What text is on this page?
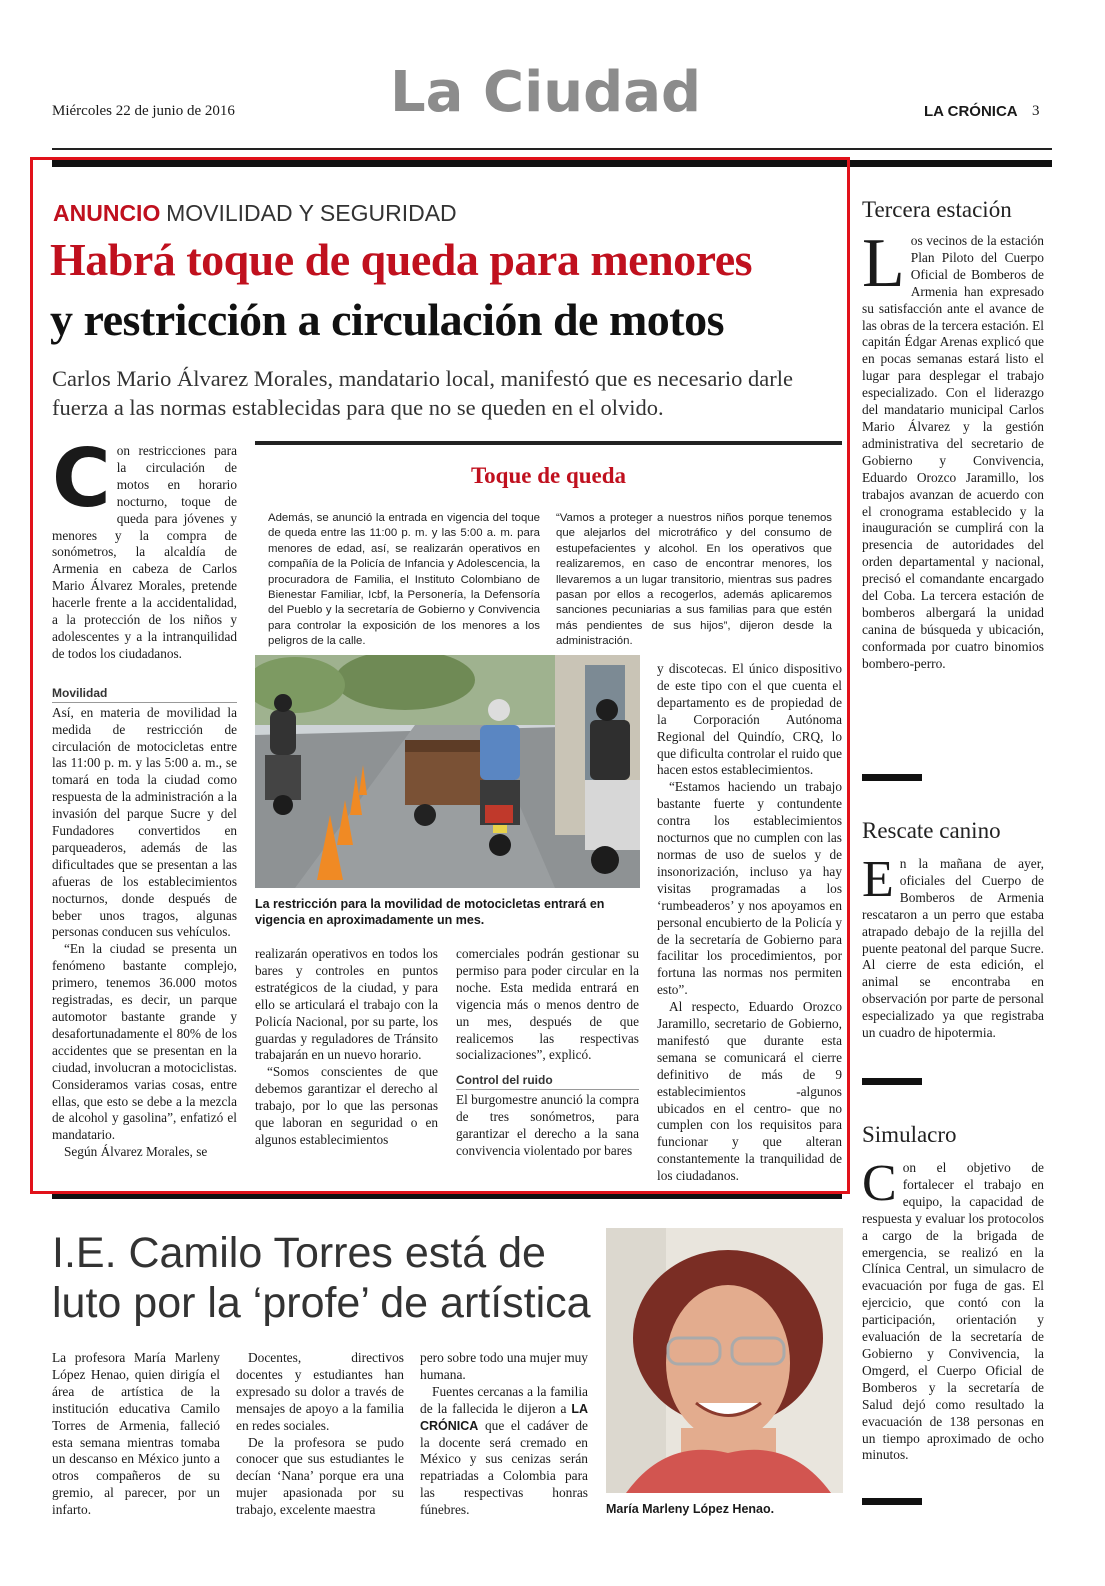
Miércoles 22 de junio de 2016	La Ciudad	LA CRÓNICA 3
ANUNCIO MOVILIDAD Y SEGURIDAD
Habrá toque de queda para menores
y restricción a circulación de motos
Carlos Mario Álvarez Morales, mandatario local, manifestó que es necesario darle fuerza a las normas establecidas para que no se queden en el olvido.

Con restricciones para la circulación de motos en horario nocturno, toque de queda para jóvenes y menores y la compra de sonómetros, la alcaldía de Armenia en cabeza de Carlos Mario Álvarez Morales, pretende hacerle frente a la accidentalidad, a la protección de los niños y adolescentes y a la intranquilidad de todos los ciudadanos.

Movilidad

Así, en materia de movilidad la medida de restricción de circulación de motocicletas entre las 11:00 p. m. y las 5:00 a. m., se tomará en toda la ciudad como respuesta de la administración a la invasión del parque Sucre y del Fundadores convertidos en parqueaderos, además de las dificultades que se presentan a las afueras de los establecimientos nocturnos, donde después de beber unos tragos, algunas personas conducen sus vehículos.

“En la ciudad se presenta un fenómeno bastante complejo, primero, tenemos 36.000 motos registradas, es decir, un parque automotor bastante grande y desafortunadamente el 80% de los accidentes que se presentan en la ciudad, involucran a motociclistas. Consideramos varias cosas, entre ellas, que esto se debe a la mezcla de alcohol y gasolina”, enfatizó el mandatario.

Según Álvarez Morales, se

Toque de queda
Además, se anunció la entrada en vigencia del toque de queda entre las 11:00 p. m. y las 5:00 a. m. para menores de edad, así, se realizarán operativos en compañía de la Policía de Infancia y Adolescencia, la procuradora de Familia, el Instituto Colombiano de Bienestar Familiar, Icbf, la Personería, la Defensoría del Pueblo y la secretaría de Gobierno y Convivencia para controlar la exposición de los menores a los peligros de la calle.
“Vamos a proteger a nuestros niños porque tenemos que alejarlos del microtráfico y del consumo de estupefacientes y alcohol. En los operativos que realizaremos, en caso de encontrar menores, los llevaremos a un lugar transitorio, mientras sus padres pasan por ellos a recogerlos, además aplicaremos sanciones pecuniarias a sus familias para que estén más pendientes de sus hijos”, dijeron desde la administración.
La restricción para la movilidad de motocicletas entrará en vigencia en aproximadamente un mes.

realizarán operativos en todos los bares y controles en puntos estratégicos de la ciudad, y para ello se articulará el trabajo con la Policía Nacional, por su parte, los guardas y reguladores de Tránsito trabajarán en un nuevo horario.

“Somos conscientes de que debemos garantizar el derecho al trabajo, por lo que las personas que laboran en seguridad o en algunos establecimientos

comerciales podrán gestionar su permiso para poder circular en la noche. Esta medida entrará en vigencia más o menos dentro de un mes, después de que realicemos las respectivas socializaciones”, explicó.

Control del ruido

El burgomestre anunció la compra de tres sonómetros, para garantizar el derecho a la sana convivencia violentado por bares

y discotecas. El único dispositivo de este tipo con el que cuenta el departamento es de propiedad de la Corporación Autónoma Regional del Quindío, CRQ, lo que dificulta controlar el ruido que hacen estos establecimientos.

“Estamos haciendo un trabajo bastante fuerte y contundente contra los establecimientos nocturnos que no cumplen con las normas de uso de suelos y de insonorización, incluso ya hay visitas programadas a los ‘rumbeaderos’ y nos apoyamos en personal encubierto de la Policía y de la secretaría de Gobierno para facilitar los procedimientos, por fortuna las normas nos permiten esto”.

Al respecto, Eduardo Orozco Jaramillo, secretario de Gobierno, manifestó que durante esta semana se comunicará el cierre definitivo de más de 9 establecimientos -algunos ubicados en el centro- que no cumplen con los requisitos para funcionar y que alteran constantemente la tranquilidad de los ciudadanos.

Tercera estación
Los vecinos de la estación Plan Piloto del Cuerpo Oficial de Bomberos de Armenia han expresado su satisfacción ante el avance de las obras de la tercera estación. El capitán Édgar Arenas explicó que en pocas semanas estará listo el lugar para desplegar el trabajo especializado. Con el liderazgo del mandatario municipal Carlos Mario Álvarez y la gestión administrativa del secretario de Gobierno y Convivencia, Eduardo Orozco Jaramillo, los trabajos avanzan de acuerdo con el cronograma establecido y la inauguración se cumplirá con la presencia de autoridades del orden departamental y nacional, precisó el comandante encargado del Coba. La tercera estación de bomberos albergará la unidad canina de búsqueda y ubicación, conformada por cuatro binomios bombero-perro.
Rescate canino
En la mañana de ayer, oficiales del Cuerpo de Bomberos de Armenia rescataron a un perro que estaba atrapado debajo de la rejilla del puente peatonal del parque Sucre. Al cierre de esta edición, el animal se encontraba en observación por parte de personal especializado ya que registraba un cuadro de hipotermia.
Simulacro
Con el objetivo de fortalecer el trabajo en equipo, la capacidad de respuesta y evaluar los protocolos a cargo de la brigada de emergencia, se realizó en la Clínica Central, un simulacro de evacuación por fuga de gas. El ejercicio, que contó con la participación, orientación y evaluación de la secretaría de Gobierno y Convivencia, la Omgerd, el Cuerpo Oficial de Bomberos y la secretaría de Salud dejó como resultado la evacuación de 138 personas en un tiempo aproximado de ocho minutos.
I.E. Camilo Torres está de luto por la ‘profe’ de artística
La profesora María Marleny López Henao, quien dirigía el área de artística de la institución educativa Camilo Torres de Armenia, falleció esta semana mientras tomaba un descanso en México junto a otros compañeros de su gremio, al parecer, por un infarto.
Docentes, directivos docentes y estudiantes han expresado su dolor a través de mensajes de apoyo a la familia en redes sociales.
De la profesora se pudo conocer que sus estudiantes le decían ‘Nana’ porque era una mujer apasionada por su trabajo, excelente maestra
pero sobre todo una mujer muy humana.
Fuentes cercanas a la familia de la fallecida le dijeron a LA CRÓNICA que el cadáver de la docente será cremado en México y sus cenizas serán repatriadas a Colombia para las respectivas honras fúnebres.	María Marleny López Henao.
